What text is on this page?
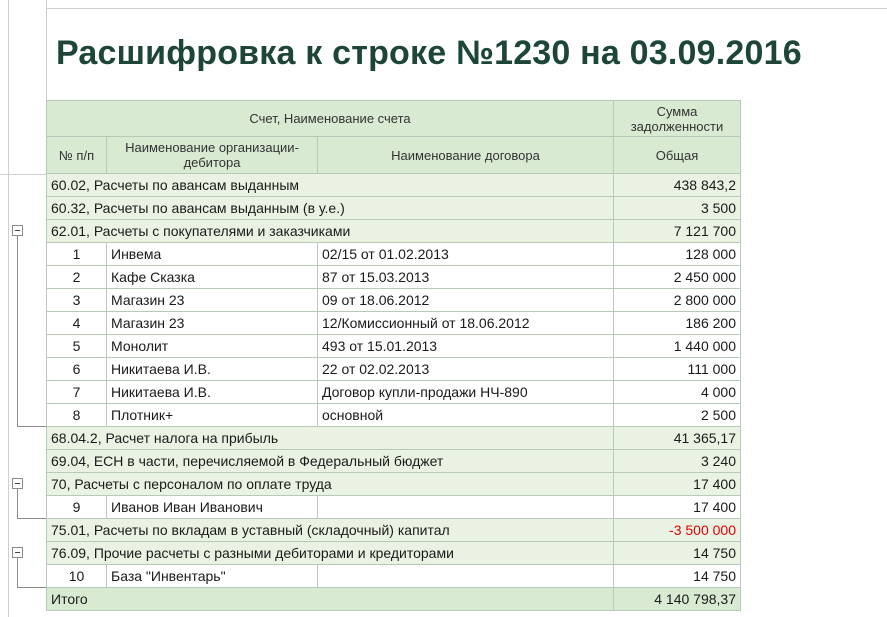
Расшифровка к строке №1230 на 03.09.2016
Счет, Наименование счета			Сумма задолженности
№ п/п	Наименование организации-дебитора	Наименование договора	Общая
60.02, Расчеты по авансам выданным			438 843,2
60.32, Расчеты по авансам выданным (в у.е.)			3 500
62.01, Расчеты с покупателями и заказчиками			7 121 700
1	Инвема	02/15 от 01.02.2013	128 000
2	Кафе Сказка	87 от 15.03.2013	2 450 000
3	Магазин 23	09 от 18.06.2012	2 800 000
4	Магазин 23	12/Комиссионный от 18.06.2012	186 200
5	Монолит	493 от 15.01.2013	1 440 000
6	Никитаева И.В.	22 от 02.02.2013	111 000
7	Никитаева И.В.	Договор купли-продажи НЧ-890	4 000
8	Плотник+	основной	2 500
68.04.2, Расчет налога на прибыль			41 365,17
69.04, ЕСН в части, перечисляемой в Федеральный бюджет			3 240
70, Расчеты с персоналом по оплате труда			17 400
9	Иванов Иван Иванович		17 400
75.01, Расчеты по вкладам в уставный (складочный) капитал			-3 500 000
76.09, Прочие расчеты с разными дебиторами и кредиторами			14 750
10	База "Инвентарь"		14 750
Итого			4 140 798,37
